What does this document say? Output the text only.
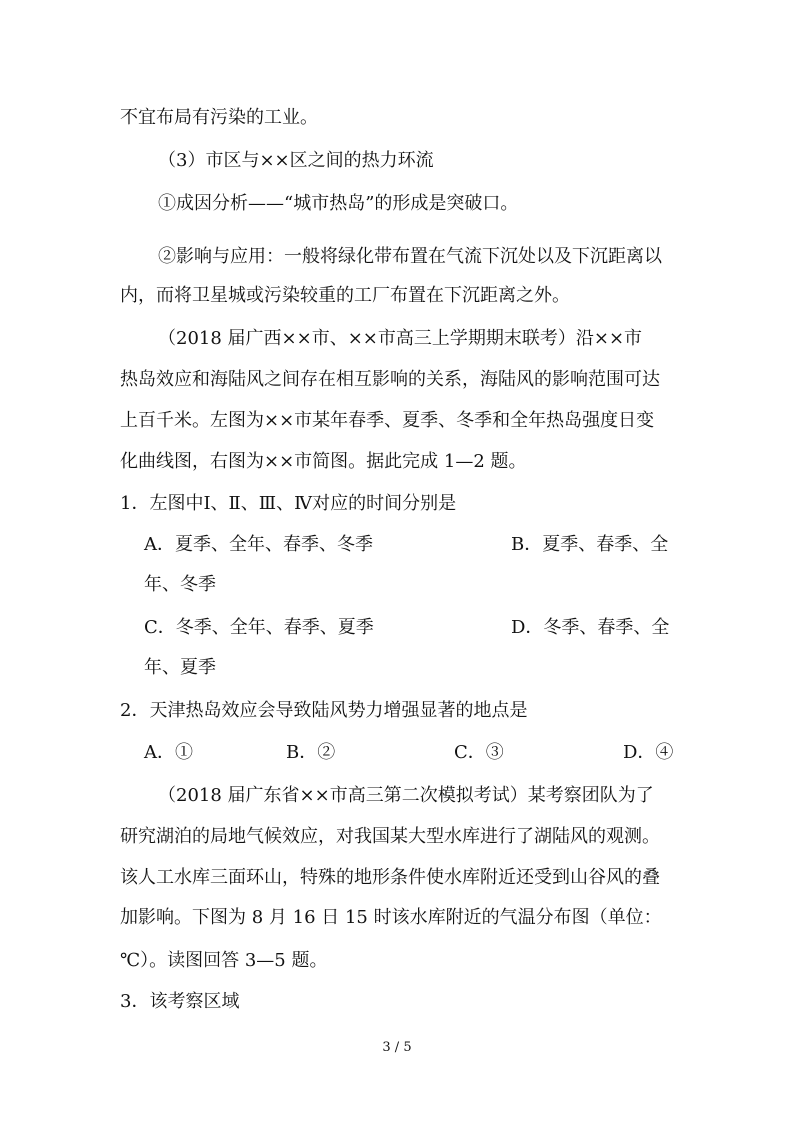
不宜布局有污染的工业。
（3）市区与××区之间的热力环流
①成因分析——“城市热岛”的形成是突破口。
②影响与应用：一般将绿化带布置在气流下沉处以及下沉距离以
内，而将卫星城或污染较重的工厂布置在下沉距离之外。
（2018 届广西××市、××市高三上学期期末联考）沿××市
热岛效应和海陆风之间存在相互影响的关系，海陆风的影响范围可达
上百千米。左图为××市某年春季、夏季、冬季和全年热岛强度日变
化曲线图，右图为××市简图。据此完成 1—2 题。
1．左图中Ⅰ、Ⅱ、Ⅲ、Ⅳ对应的时间分别是
A．夏季、全年、春季、冬季	B．夏季、春季、全
年、冬季
C．冬季、全年、春季、夏季	D．冬季、春季、全
年、夏季
2．天津热岛效应会导致陆风势力增强显著的地点是
A．①	B．②	C．③	D．④
（2018 届广东省××市高三第二次模拟考试）某考察团队为了
研究湖泊的局地气候效应，对我国某大型水库进行了湖陆风的观测。
该人工水库三面环山，特殊的地形条件使水库附近还受到山谷风的叠
加影响。下图为 8 月 16 日 15 时该水库附近的气温分布图（单位：
℃）。读图回答 3—5 题。
3．该考察区域
3 / 5
